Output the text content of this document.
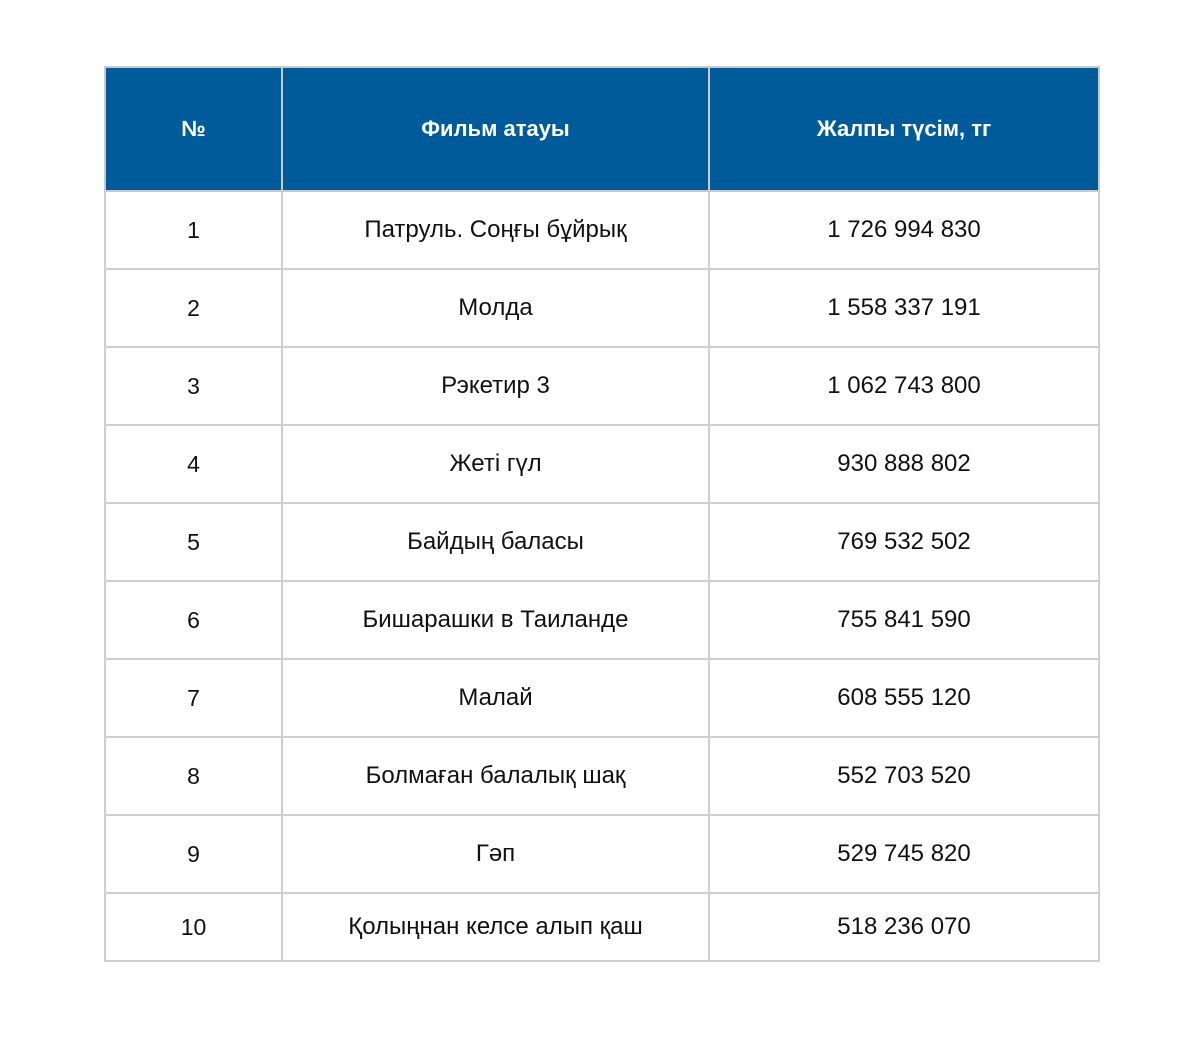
№	Фильм атауы	Жалпы түсім, тг
1	Патруль. Соңғы бұйрық	1 726 994 830
2	Молда	1 558 337 191
3	Рэкетир 3	1 062 743 800
4	Жеті гүл	930 888 802
5	Байдың баласы	769 532 502
6	Бишарашки в Таиланде	755 841 590
7	Малай	608 555 120
8	Болмаған балалық шақ	552 703 520
9	Гәп	529 745 820
10	Қолыңнан келсе алып қаш	518 236 070
